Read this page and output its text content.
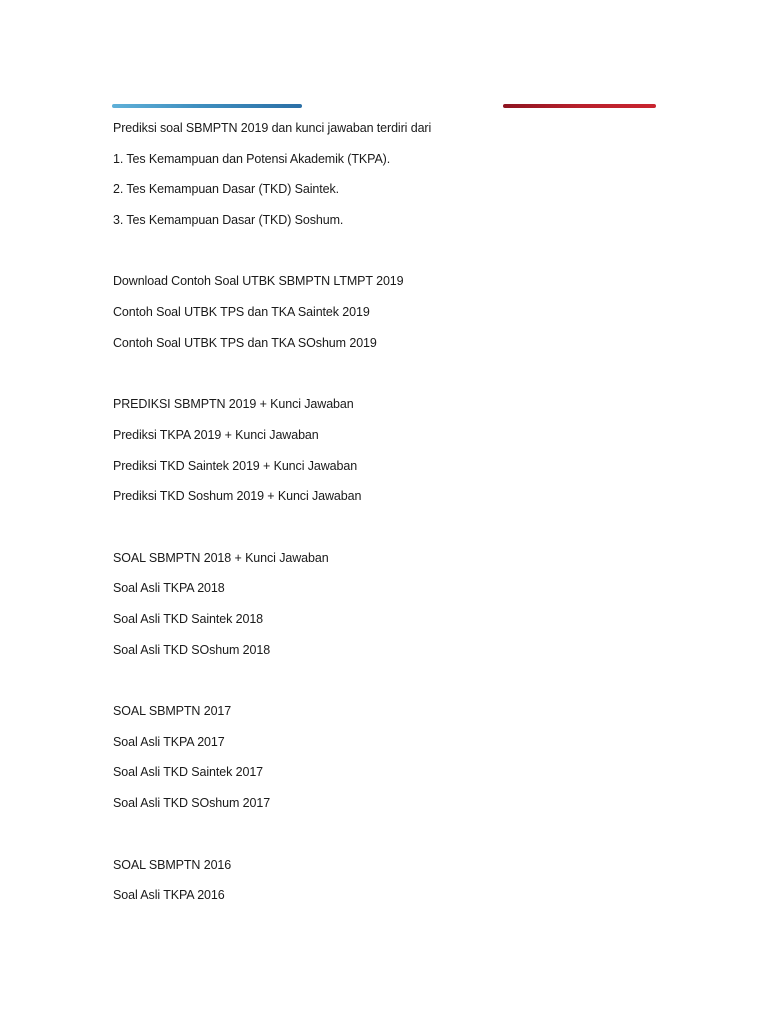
Prediksi soal SBMPTN 2019 dan kunci jawaban terdiri dari
1. Tes Kemampuan dan Potensi Akademik (TKPA).
2. Tes Kemampuan Dasar (TKD) Saintek.
3. Tes Kemampuan Dasar (TKD) Soshum.
Download Contoh Soal UTBK SBMPTN LTMPT 2019
Contoh Soal UTBK TPS dan TKA Saintek 2019
Contoh Soal UTBK TPS dan TKA SOshum 2019
PREDIKSI SBMPTN 2019 + Kunci Jawaban
Prediksi TKPA 2019 + Kunci Jawaban
Prediksi TKD Saintek 2019 + Kunci Jawaban
Prediksi TKD Soshum 2019 + Kunci Jawaban
SOAL SBMPTN 2018 + Kunci Jawaban
Soal Asli TKPA 2018
Soal Asli TKD Saintek 2018
Soal Asli TKD SOshum 2018
SOAL SBMPTN 2017
Soal Asli TKPA 2017
Soal Asli TKD Saintek 2017
Soal Asli TKD SOshum 2017
SOAL SBMPTN 2016
Soal Asli TKPA 2016
